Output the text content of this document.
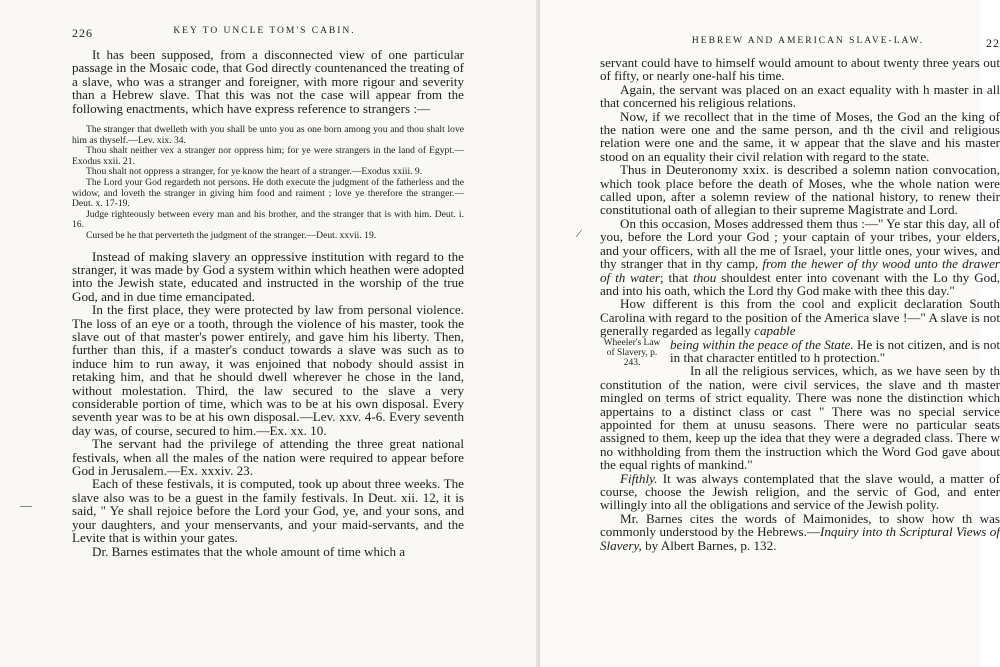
226	KEY TO UNCLE TOM'S CABIN.

It has been supposed, from a disconnected view of one particular passage in the Mosaic code, that God directly countenanced the treating of a slave, who was a stranger and foreigner, with more rigour and severity than a Hebrew slave. That this was not the case will appear from the following enactments, which have express reference to strangers :—

The stranger that dwelleth with you shall be unto you as one born among you and thou shalt love him as thyself.—Lev. xix. 34.

Thou shalt neither vex a stranger nor oppress him; for ye were strangers in the land of Egypt.—Exodus xxii. 21.

Thou shalt not oppress a stranger, for ye know the heart of a stranger.—Exodus xxiii. 9.

The Lord your God regardeth not persons. He doth execute the judgment of the fatherless and the widow, and loveth the stranger in giving him food and raiment ; love ye therefore the stranger.—Deut. x. 17-19.

Judge righteously between every man and his brother, and the stranger that is with him. Deut. i. 16.

Cursed be he that perverteth the judgment of the stranger.—Deut. xxvii. 19.

Instead of making slavery an oppressive institution with regard to the stranger, it was made by God a system within which heathen were adopted into the Jewish state, educated and instructed in the worship of the true God, and in due time emancipated.

In the first place, they were protected by law from personal violence. The loss of an eye or a tooth, through the violence of his master, took the slave out of that master's power entirely, and gave him his liberty. Then, further than this, if a master's conduct towards a slave was such as to induce him to run away, it was enjoined that nobody should assist in retaking him, and that he should dwell wherever he chose in the land, without molestation. Third, the law secured to the slave a very considerable portion of time, which was to be at his own disposal. Every seventh year was to be at his own disposal.—Lev. xxv. 4-6. Every seventh day was, of course, secured to him.—Ex. xx. 10.

The servant had the privilege of attending the three great national festivals, when all the males of the nation were required to appear before God in Jerusalem.—Ex. xxxiv. 23.

Each of these festivals, it is computed, took up about three weeks. The slave also was to be a guest in the family festivals. In Deut. xii. 12, it is said, " Ye shall rejoice before the Lord your God, ye, and your sons, and your daughters, and your menservants, and your maid-servants, and the Levite that is within your gates.

Dr. Barnes estimates that the whole amount of time which a

—
HEBREW AND AMERICAN SLAVE-LAW.	22

servant could have to himself would amount to about twenty three years out of fifty, or nearly one-half his time.

Again, the servant was placed on an exact equality with h master in all that concerned his religious relations.

Now, if we recollect that in the time of Moses, the God an the king of the nation were one and the same person, and th the civil and religious relation were one and the same, it w appear that the slave and his master stood on an equality their civil relation with regard to the state.

Thus in Deuteronomy xxix. is described a solemn nation convocation, which took place before the death of Moses, whe the whole nation were called upon, after a solemn review of the national history, to renew their constitutional oath of allegian to their supreme Magistrate and Lord.

On this occasion, Moses addressed them thus :—" Ye star this day, all of you, before the Lord your God ; your captain of your tribes, your elders, and your officers, with all the me of Israel, your little ones, your wives, and thy stranger that in thy camp, from the hewer of thy wood unto the drawer of th water; that thou shouldest enter into covenant with the Lo thy God, and into his oath, which the Lord thy God make with thee this day."

How different is this from the cool and explicit declaration South Carolina with regard to the position of the America slave !—" A slave is not generally regarded as legally capable

Wheeler's Law of Slavery, p. 243.

being within the peace of the State. He is not citizen, and is not in that character entitled to h protection."

In all the religious services, which, as we have seen by th constitution of the nation, were civil services, the slave and th master mingled on terms of strict equality. There was none the distinction which appertains to a distinct class or cast " There was no special service appointed for them at unusu seasons. There were no particular seats assigned to them, keep up the idea that they were a degraded class. There w no withholding from them the instruction which the Word God gave about the equal rights of mankind."

Fifthly. It was always contemplated that the slave would, a matter of course, choose the Jewish religion, and the servic of God, and enter willingly into all the obligations and service of the Jewish polity.

Mr. Barnes cites the words of Maimonides, to show how th was commonly understood by the Hebrews.—Inquiry into th Scriptural Views of Slavery, by Albert Barnes, p. 132.

⁄
